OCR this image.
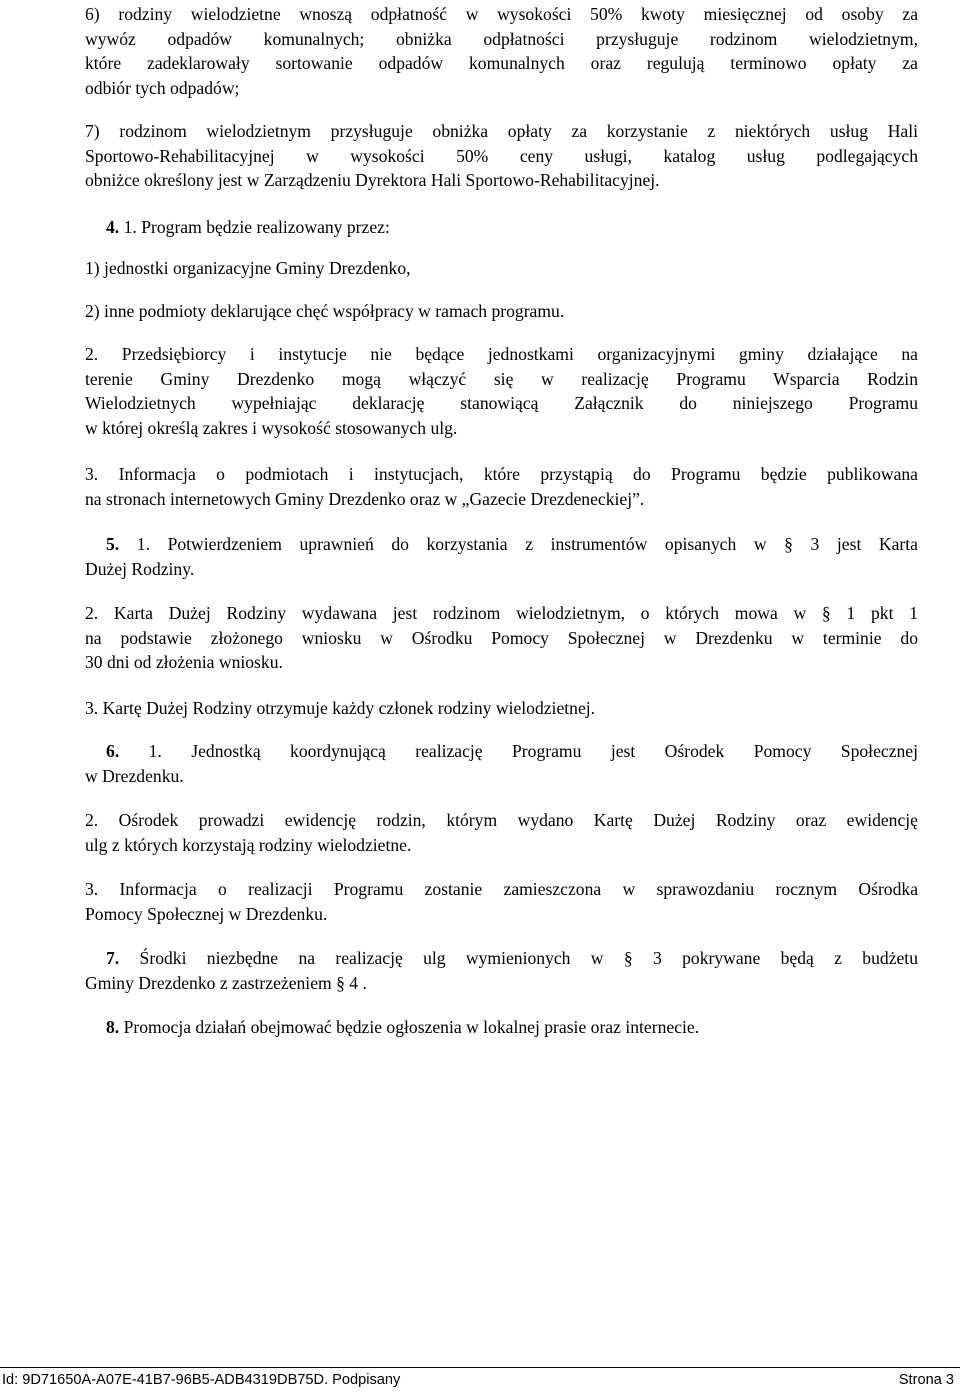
6) rodziny wielodzietne wnoszą odpłatność w wysokości 50% kwoty miesięcznej od osoby za
wywóz odpadów komunalnych; obniżka odpłatności przysługuje rodzinom wielodzietnym,
które zadeklarowały sortowanie odpadów komunalnych oraz regulują terminowo opłaty za
odbiór tych odpadów;
7) rodzinom wielodzietnym przysługuje obniżka opłaty za korzystanie z niektórych usług Hali
Sportowo-Rehabilitacyjnej w wysokości 50% ceny usługi, katalog usług podlegających
obniżce określony jest w Zarządzeniu Dyrektora Hali Sportowo-Rehabilitacyjnej.
4. 1. Program będzie realizowany przez:
1) jednostki organizacyjne Gminy Drezdenko,
2) inne podmioty deklarujące chęć współpracy w ramach programu.
2. Przedsiębiorcy i instytucje nie będące jednostkami organizacyjnymi gminy działające na
terenie Gminy Drezdenko mogą włączyć się w realizację Programu Wsparcia Rodzin
Wielodzietnych wypełniając deklarację stanowiącą Załącznik do niniejszego Programu
w której określą zakres i wysokość stosowanych ulg.
3. Informacja o podmiotach i instytucjach, które przystąpią do Programu będzie publikowana
na stronach internetowych Gminy Drezdenko oraz w „Gazecie Drezdeneckiej”.
5. 1. Potwierdzeniem uprawnień do korzystania z instrumentów opisanych w § 3 jest Karta
Dużej Rodziny.
2. Karta Dużej Rodziny wydawana jest rodzinom wielodzietnym, o których mowa w § 1 pkt 1
na podstawie złożonego wniosku w Ośrodku Pomocy Społecznej w Drezdenku w terminie do
30 dni od złożenia wniosku.
3. Kartę Dużej Rodziny otrzymuje każdy członek rodziny wielodzietnej.
6. 1. Jednostką koordynującą realizację Programu jest Ośrodek Pomocy Społecznej
w Drezdenku.
2. Ośrodek prowadzi ewidencję rodzin, którym wydano Kartę Dużej Rodziny oraz ewidencję
ulg z których korzystają rodziny wielodzietne.
3. Informacja o realizacji Programu zostanie zamieszczona w sprawozdaniu rocznym Ośrodka
Pomocy Społecznej w Drezdenku.
7. Środki niezbędne na realizację ulg wymienionych w § 3 pokrywane będą z budżetu
Gminy Drezdenko z zastrzeżeniem § 4 .
8. Promocja działań obejmować będzie ogłoszenia w lokalnej prasie oraz internecie.
Id: 9D71650A-A07E-41B7-96B5-ADB4319DB75D. Podpisany	Strona 3
